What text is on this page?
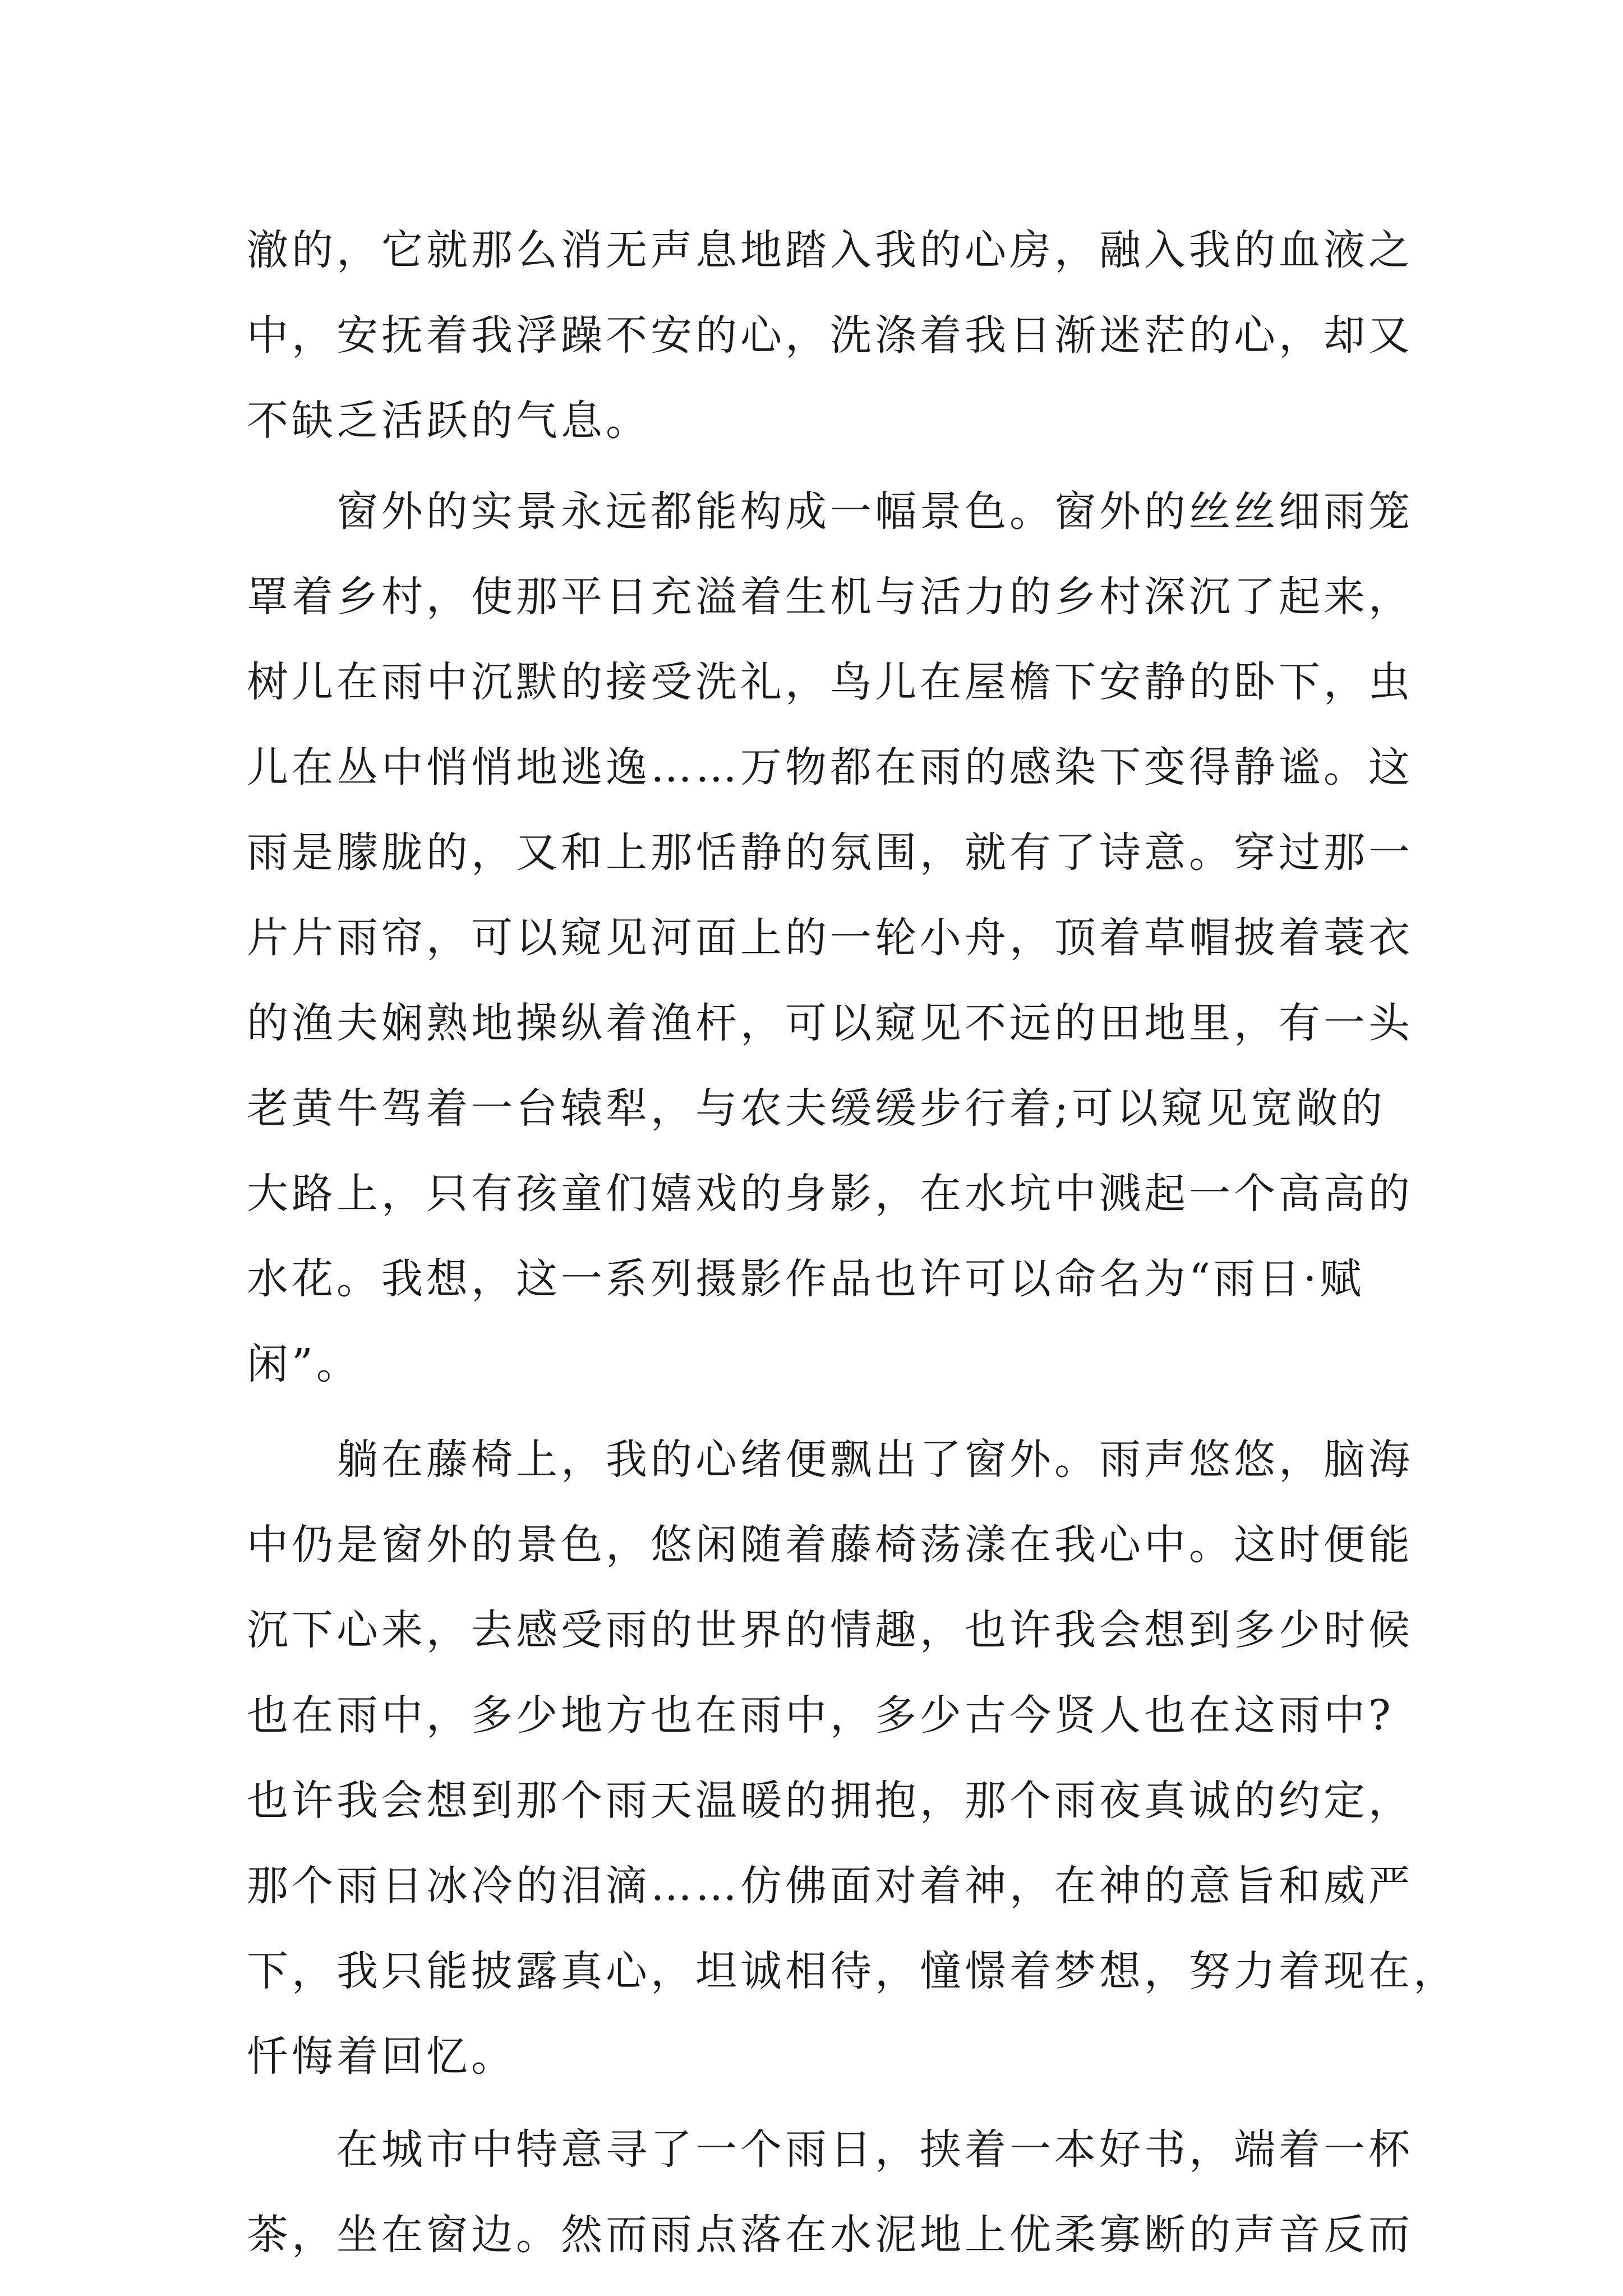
澈的，它就那么消无声息地踏入我的心房，融入我的血液之
中，安抚着我浮躁不安的心，洗涤着我日渐迷茫的心，却又
不缺乏活跃的气息。

窗外的实景永远都能构成一幅景色。窗外的丝丝细雨笼
罩着乡村，使那平日充溢着生机与活力的乡村深沉了起来，
树儿在雨中沉默的接受洗礼，鸟儿在屋檐下安静的卧下，虫
儿在丛中悄悄地逃逸……万物都在雨的感染下变得静谧。这
雨是朦胧的，又和上那恬静的氛围，就有了诗意。穿过那一
片片雨帘，可以窥见河面上的一轮小舟，顶着草帽披着蓑衣
的渔夫娴熟地操纵着渔杆，可以窥见不远的田地里，有一头
老黄牛驾着一台辕犁，与农夫缓缓步行着;可以窥见宽敞的
大路上，只有孩童们嬉戏的身影，在水坑中溅起一个高高的
水花。我想，这一系列摄影作品也许可以命名为“雨日·赋
闲”。

躺在藤椅上，我的心绪便飘出了窗外。雨声悠悠，脑海
中仍是窗外的景色，悠闲随着藤椅荡漾在我心中。这时便能
沉下心来，去感受雨的世界的情趣，也许我会想到多少时候
也在雨中，多少地方也在雨中，多少古今贤人也在这雨中?
也许我会想到那个雨天温暖的拥抱，那个雨夜真诚的约定，
那个雨日冰冷的泪滴……仿佛面对着神，在神的意旨和威严
下，我只能披露真心，坦诚相待，憧憬着梦想，努力着现在，
忏悔着回忆。

在城市中特意寻了一个雨日，挟着一本好书，端着一杯
茶，坐在窗边。然而雨点落在水泥地上优柔寡断的声音反而
